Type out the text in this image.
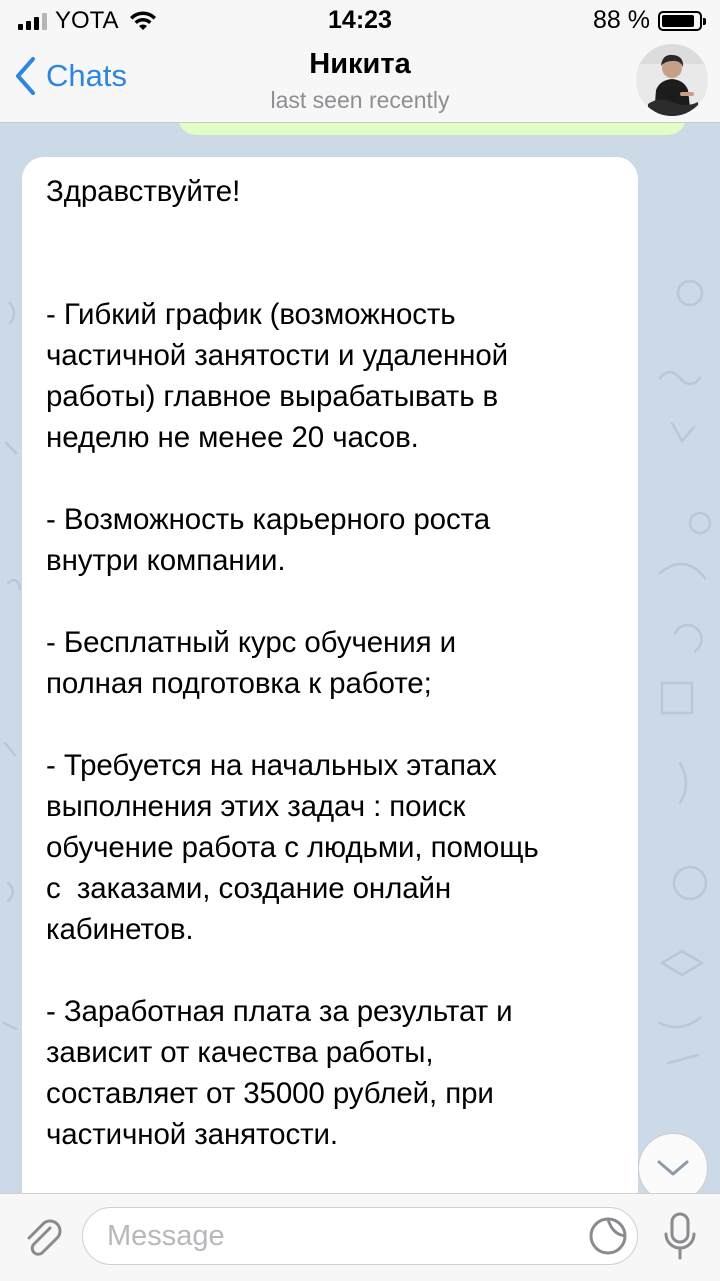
YOTA	14:23	88 %
Chats	Никита
last seen recently

Здравствуйте!

- Гибкий график (возможность
частичной занятости и удаленной
работы) главное вырабатывать в
неделю не менее 20 часов.

- Возможность карьерного роста
внутри компании.

- Бесплатный курс обучения и
полная подготовка к работе;

- Требуется на начальных этапах
выполнения этих задач : поиск
обучение работа с людьми, помощь
с  заказами, создание онлайн
кабинетов.

- Заработная плата за результат и
зависит от качества работы,
составляет от 35000 рублей, при
частичной занятости.

Message
